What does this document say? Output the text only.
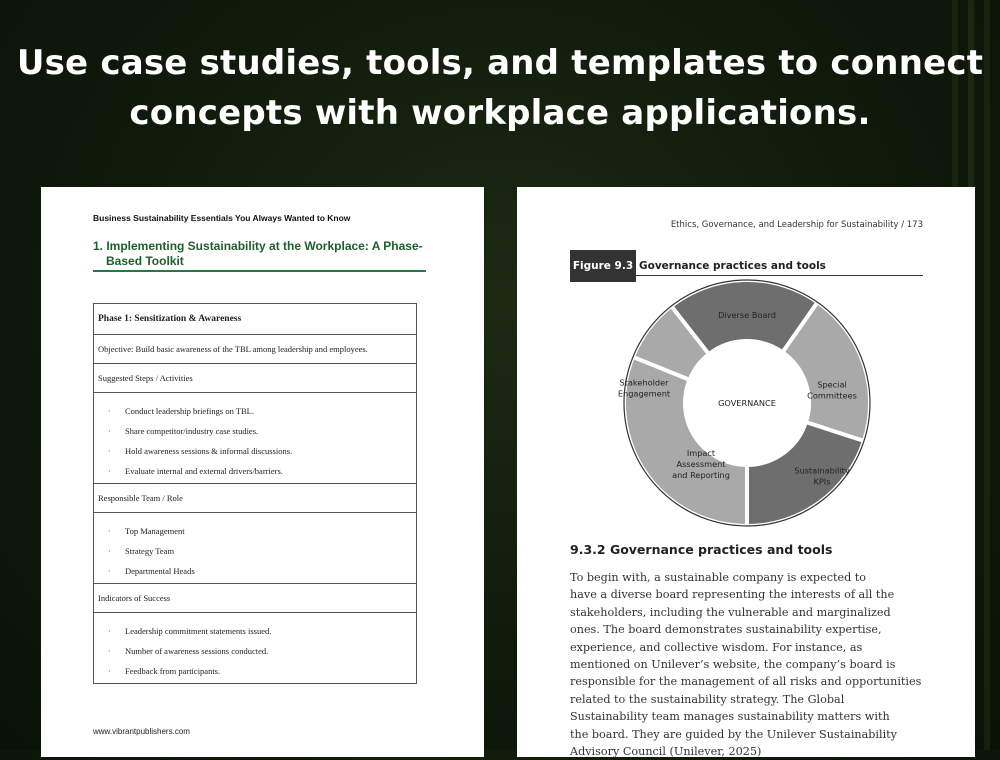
Use case studies, tools, and templates to connect
concepts with workplace applications.
Business Sustainability Essentials You Always Wanted to Know
1. Implementing Sustainability at the Workplace: A Phase-
Based Toolkit
Phase 1: Sensitization & Awareness
Objective: Build basic awareness of the TBL among leadership and employees.
Suggested Steps / Activities
·	Conduct leadership briefings on TBL.
·	Share competitor/industry case studies.
·	Hold awareness sessions & informal discussions.
·	Evaluate internal and external drivers/barriers.
Responsible Team / Role
·	Top Management
·	Strategy Team
·	Departmental Heads
Indicators of Success
·	Leadership commitment statements issued.
·	Number of awareness sessions conducted.
·	Feedback from participants.
www.vibrantpublishers.com
Ethics, Governance, and Leadership for Sustainability / 173
Figure 9.3 Governance practices and tools
GOVERNANCE
Diverse Board
Special Committees
Sustainability KPIs
Impact Assessment and Reporting
Stakeholder Engagement
9.3.2 Governance practices and tools
To begin with, a sustainable company is expected to
have a diverse board representing the interests of all the
stakeholders, including the vulnerable and marginalized
ones. The board demonstrates sustainability expertise,
experience, and collective wisdom. For instance, as
mentioned on Unilever’s website, the company’s board is
responsible for the management of all risks and opportunities
related to the sustainability strategy. The Global
Sustainability team manages sustainability matters with
the board. They are guided by the Unilever Sustainability
Advisory Council (Unilever, 2025)
